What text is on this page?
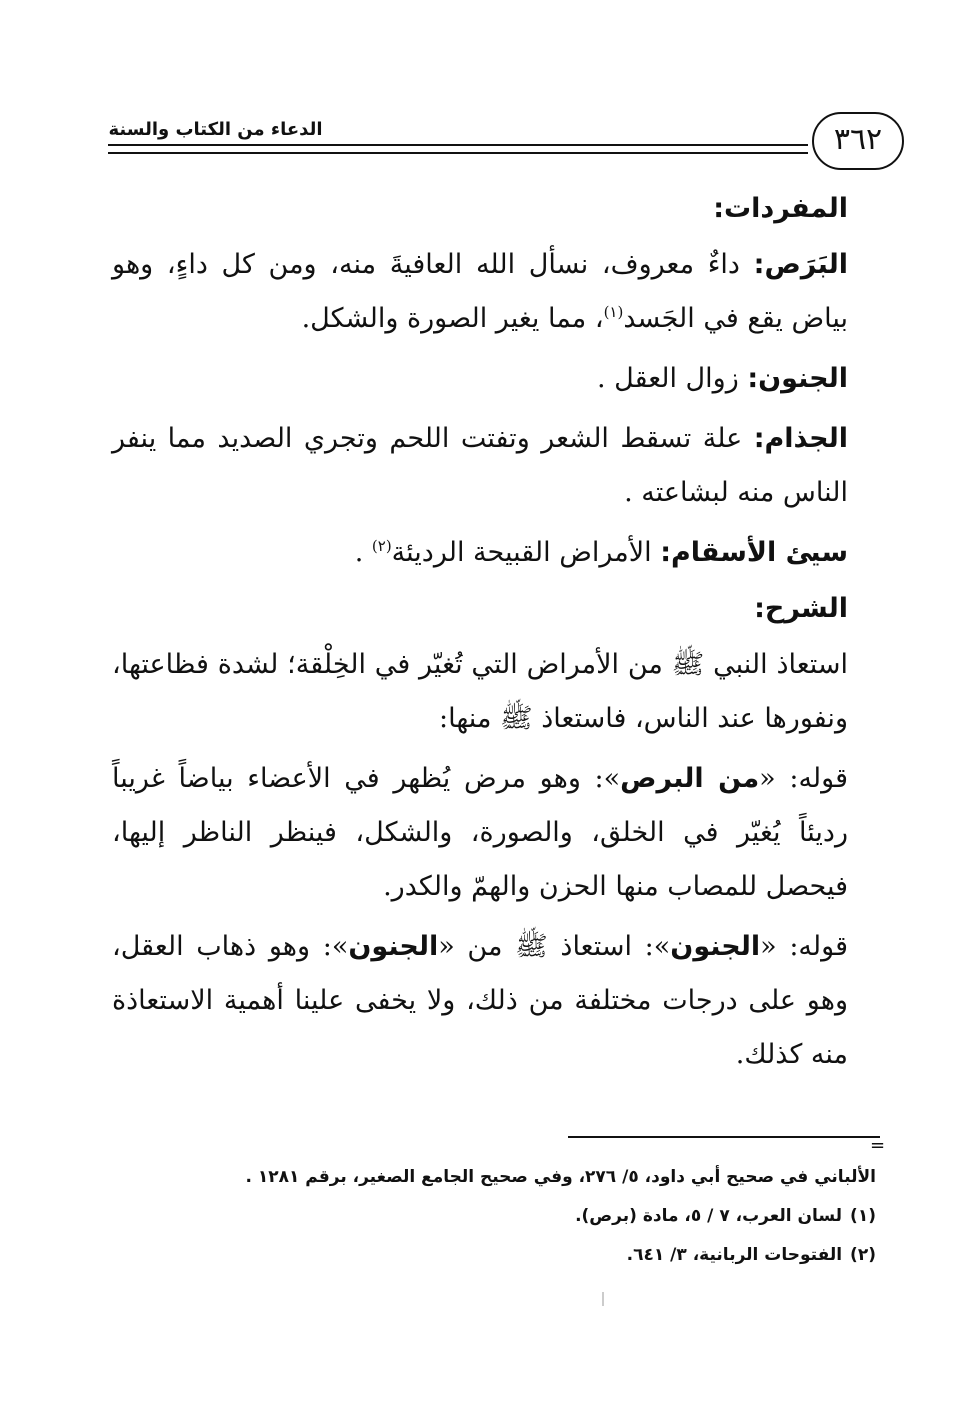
الدعاء من الكتاب والسنة	٣٦٢
المفردات:

البَرَص: داءٌ معروف، نسأل الله العافيةَ منه، ومن كل داءٍ، وهو بياض يقع في الجَسد$^{(١)}$، مما يغير الصورة والشكل.

الجنون: زوال العقل .

الجذام: علة تسقط الشعر وتفتت اللحم وتجري الصديد مما ينفر الناس منه لبشاعته .

سيئ الأسقام: الأمراض القبيحة الرديئة$^{(٢)}$ .

الشرح:

استعاذ النبي ﷺ من الأمراض التي تُغيّر في الخِلْقة؛ لشدة فظاعتها، ونفورها عند الناس، فاستعاذ ﷺ منها:

قوله: «من البرص»: وهو مرض يُظهر في الأعضاء بياضاً غريباً رديئاً يُغيّر في الخلق، والصورة، والشكل، فينظر الناظر إليها، فيحصل للمصاب منها الحزن والهمّ والكدر.

قوله: «الجنون»: استعاذ ﷺ من «الجنون»: وهو ذهاب العقل، وهو على درجات مختلفة من ذلك، ولا يخفى علينا أهمية الاستعاذة منه كذلك.

=

الألباني في صحيح أبي داود، ٥/ ٢٧٦، وفي صحيح الجامع الصغير، برقم ١٢٨١ .

(١)لسان العرب، ٧ / ٥، مادة (برص).

(٢)الفتوحات الربانية، ٣/ ٦٤١.
